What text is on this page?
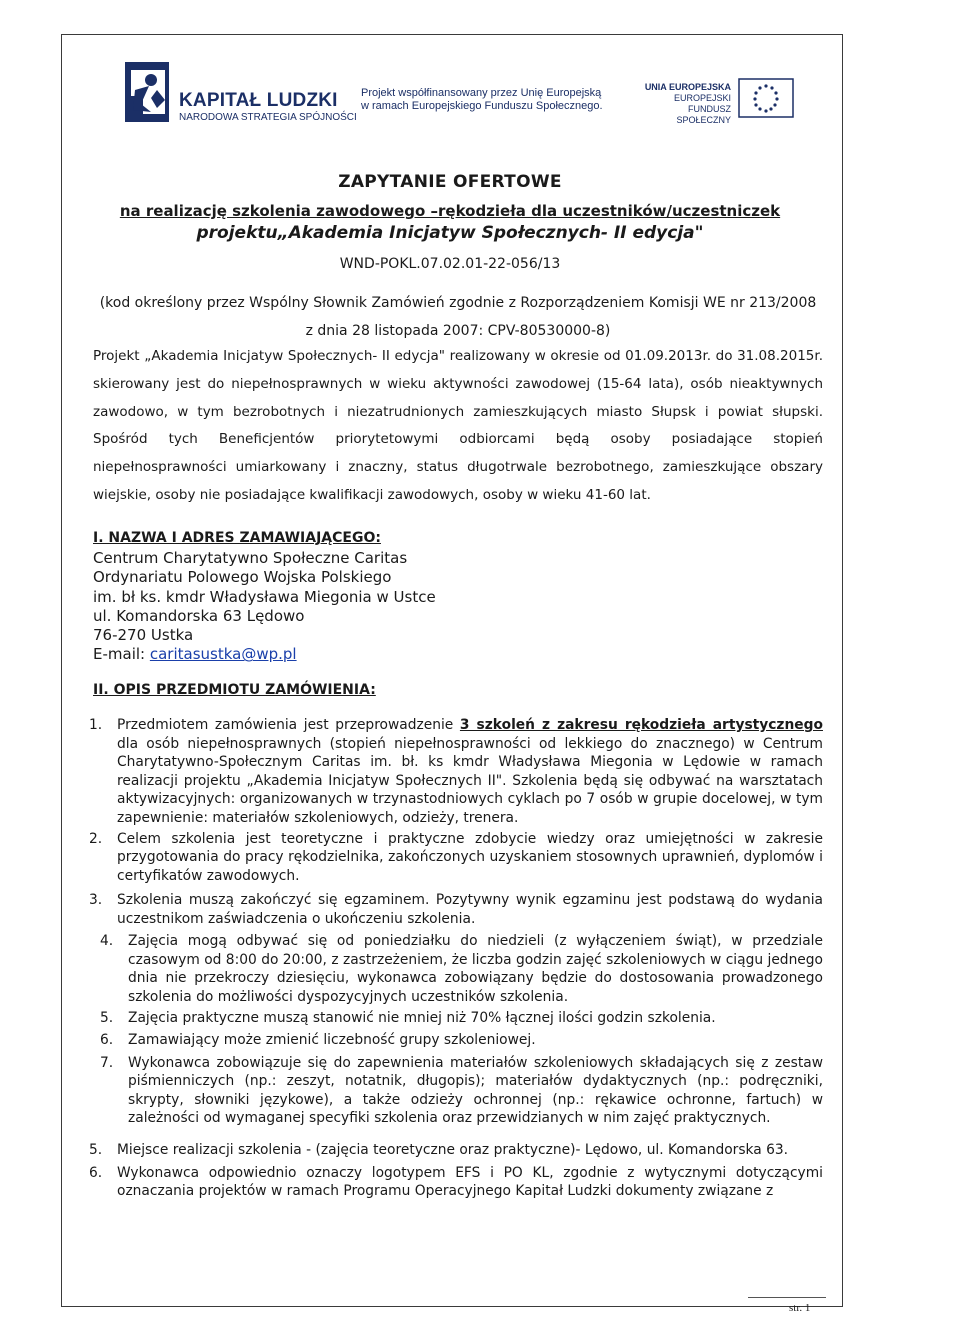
KAPITAŁ LUDZKI
NARODOWA STRATEGIA SPÓJNOŚCI
Projekt współfinansowany przez Unię Europejską
w ramach Europejskiego Funduszu Społecznego.
UNIA EUROPEJSKA
EUROPEJSKI
FUNDUSZ SPOŁECZNY
ZAPYTANIE OFERTOWE
na realizację szkolenia zawodowego –rękodzieła dla uczestników/uczestniczek
projektu„Akademia Inicjatyw Społecznych- II edycja"
WND-POKL.07.02.01-22-056/13
(kod określony przez Wspólny Słownik Zamówień zgodnie z Rozporządzeniem Komisji WE nr 213/2008
z dnia 28 listopada 2007: CPV-80530000-8)
Projekt „Akademia Inicjatyw Społecznych- II edycja" realizowany w okresie od 01.09.2013r. do 31.08.2015r. skierowany jest do niepełnosprawnych w wieku aktywności zawodowej (15-64 lata), osób nieaktywnych zawodowo, w tym bezrobotnych i niezatrudnionych zamieszkujących miasto Słupsk i powiat słupski. Spośród tych Beneficjentów priorytetowymi odbiorcami będą osoby posiadające stopień niepełnosprawności umiarkowany i znaczny, status długotrwale bezrobotnego, zamieszkujące obszary wiejskie, osoby nie posiadające kwalifikacji zawodowych, osoby w wieku 41-60 lat.
I. NAZWA I ADRES ZAMAWIAJĄCEGO:
Centrum Charytatywno Społeczne Caritas
Ordynariatu Polowego Wojska Polskiego
im. bł ks. kmdr Władysława Miegonia w Ustce
ul. Komandorska 63 Lędowo
76-270 Ustka
E-mail: caritasustka@wp.pl
II. OPIS PRZEDMIOTU ZAMÓWIENIA:
1. Przedmiotem zamówienia jest przeprowadzenie 3 szkoleń z zakresu rękodzieła artystycznego dla osób niepełnosprawnych (stopień niepełnosprawności od lekkiego do znacznego) w Centrum Charytatywno-Społecznym Caritas im. bł. ks kmdr Władysława Miegonia w Lędowie w ramach realizacji projektu „Akademia Inicjatyw Społecznych II". Szkolenia będą się odbywać na warsztatach aktywizacyjnych: organizowanych w trzynastodniowych cyklach po 7 osób w grupie docelowej, w tym zapewnienie: materiałów szkoleniowych, odzieży, trenera.
2. Celem szkolenia jest teoretyczne i praktyczne zdobycie wiedzy oraz umiejętności w zakresie przygotowania do pracy rękodzielnika, zakończonych uzyskaniem stosownych uprawnień, dyplomów i certyfikatów zawodowych.
3. Szkolenia muszą zakończyć się egzaminem. Pozytywny wynik egzaminu jest podstawą do wydania uczestnikom zaświadczenia o ukończeniu szkolenia.
4. Zajęcia mogą odbywać się od poniedziałku do niedzieli (z wyłączeniem świąt), w przedziale czasowym od 8:00 do 20:00, z zastrzeżeniem, że liczba godzin zajęć szkoleniowych w ciągu jednego dnia nie przekroczy dziesięciu, wykonawca zobowiązany będzie do dostosowania prowadzonego szkolenia do możliwości dyspozycyjnych uczestników szkolenia.
5. Zajęcia praktyczne muszą stanowić nie mniej niż 70% łącznej ilości godzin szkolenia.
6. Zamawiający może zmienić liczebność grupy szkoleniowej.
7. Wykonawca zobowiązuje się do zapewnienia materiałów szkoleniowych składających się z zestaw piśmienniczych (np.: zeszyt, notatnik, długopis); materiałów dydaktycznych (np.: podręczniki, skrypty, słowniki językowe), a także odzieży ochronnej (np.: rękawice ochronne, fartuch) w zależności od wymaganej specyfiki szkolenia oraz przewidzianych w nim zajęć praktycznych.
5. Miejsce realizacji szkolenia - (zajęcia teoretyczne oraz praktyczne)- Lędowo, ul. Komandorska 63.
6. Wykonawca odpowiednio oznaczy logotypem EFS i PO KL, zgodnie z wytycznymi dotyczącymi oznaczania projektów w ramach Programu Operacyjnego Kapitał Ludzki dokumenty związane z
str. 1
